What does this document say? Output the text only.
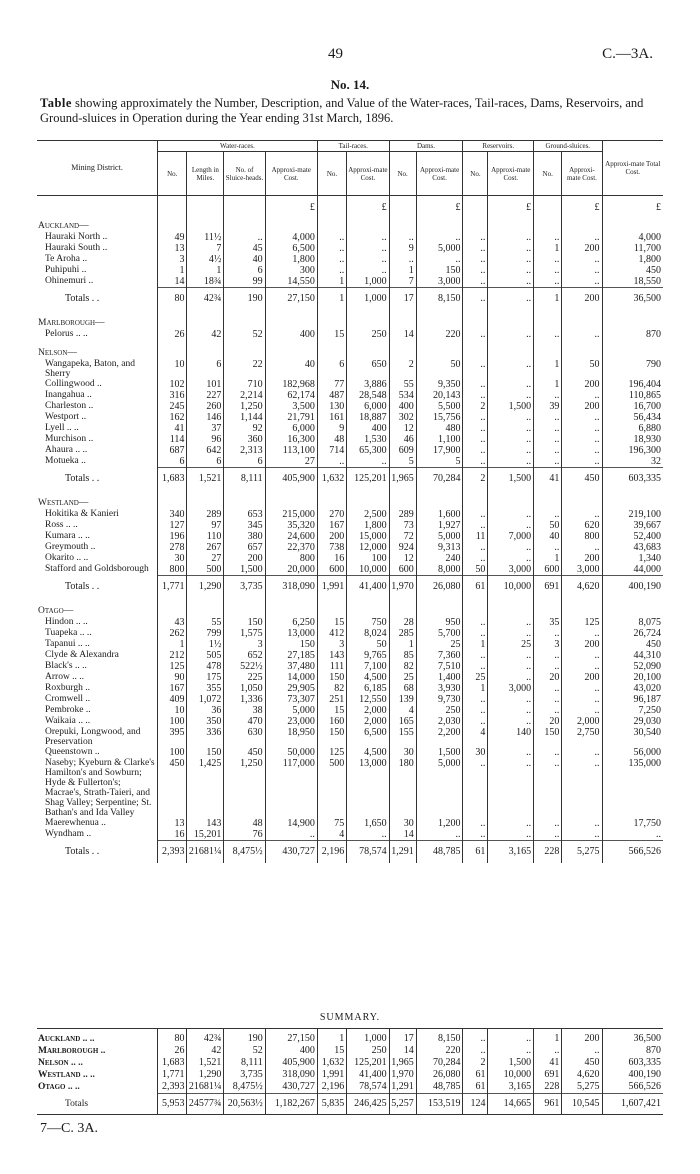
49	C.—3A.
No. 14.
Table showing approximately the Number, Description, and Value of the Water-races, Tail-races, Dams, Reservoirs, and Ground-sluices in Operation during the Year ending 31st March, 1896.
Mining District.	Water-races.				Tail-races.		Dams.		Reservoirs.		Ground-sluices.		Approxi-mate Total Cost.
	No.	Length in Miles.	No. of Sluice-heads.	Approxi-mate Cost.	No.	Approxi-mate Cost.	No.	Approxi-mate Cost.	No.	Approxi-mate Cost.	No.	Approxi-mate Cost.	
				£		£		£		£		£	£
Auckland—													
Hauraki North ..	49	11½	..	4,000	..	..	..	..	..	..	..	..	4,000
Hauraki South ..	13	7	45	6,500	..	..	9	5,000	..	..	1	200	11,700
Te Aroha ..	3	4½	40	1,800	..	..	..	..	..	..	..	..	1,800
Puhipuhi ..	1	1	6	300	..	..	1	150	..	..	..	..	450
Ohinemuri ..	14	18¾	99	14,550	1	1,000	7	3,000	..	..	..	..	18,550
Totals . .	80	42¾	190	27,150	1	1,000	17	8,150	..	..	1	200	36,500
Marlborough—													
Pelorus .. ..	26	42	52	400	15	250	14	220	..	..	..	..	870
Nelson—													
Wangapeka, Baton, and Sherry	10	6	22	40	6	650	2	50	..	..	1	50	790
Collingwood ..	102	101	710	182,968	77	3,886	55	9,350	..	..	1	200	196,404
Inangahua ..	316	227	2,214	62,174	487	28,548	534	20,143	..	..	..	..	110,865
Charleston ..	245	260	1,250	3,500	130	6,000	400	5,500	2	1,500	39	200	16,700
Westport ..	162	146	1,144	21,791	161	18,887	302	15,756	..	..	..	..	56,434
Lyell .. ..	41	37	92	6,000	9	400	12	480	..	..	..	..	6,880
Murchison ..	114	96	360	16,300	48	1,530	46	1,100	..	..	..	..	18,930
Ahaura .. ..	687	642	2,313	113,100	714	65,300	609	17,900	..	..	..	..	196,300
Motueka ..	6	6	6	27	..	..	5	5	..	..	..	..	32
Totals . .	1,683	1,521	8,111	405,900	1,632	125,201	1,965	70,284	2	1,500	41	450	603,335
Westland—													
Hokitika & Kanieri	340	289	653	215,000	270	2,500	289	1,600	..	..	..	..	219,100
Ross .. ..	127	97	345	35,320	167	1,800	73	1,927	..	..	50	620	39,667
Kumara .. ..	196	110	380	24,600	200	15,000	72	5,000	11	7,000	40	800	52,400
Greymouth ..	278	267	657	22,370	738	12,000	924	9,313	..	..	..	..	43,683
Okarito .. ..	30	27	200	800	16	100	12	240	..	..	1	200	1,340
Stafford and Goldsborough	800	500	1,500	20,000	600	10,000	600	8,000	50	3,000	600	3,000	44,000
Totals . .	1,771	1,290	3,735	318,090	1,991	41,400	1,970	26,080	61	10,000	691	4,620	400,190
Otago—													
Hindon .. ..	43	55	150	6,250	15	750	28	950	..	..	35	125	8,075
Tuapeka .. ..	262	799	1,575	13,000	412	8,024	285	5,700	..	..	..	..	26,724
Tapanui .. ..	1	1½	3	150	3	50	1	25	1	25	3	200	450
Clyde & Alexandra	212	505	652	27,185	143	9,765	85	7,360	..	..	..	..	44,310
Black's .. ..	125	478	522½	37,480	111	7,100	82	7,510	..	..	..	..	52,090
Arrow .. ..	90	175	225	14,000	150	4,500	25	1,400	25	..	20	200	20,100
Roxburgh ..	167	355	1,050	29,905	82	6,185	68	3,930	1	3,000	..	..	43,020
Cromwell ..	409	1,072	1,336	73,307	251	12,550	139	9,730	..	..	..	..	96,187
Pembroke ..	10	36	38	5,000	15	2,000	4	250	..	..	..	..	7,250
Waikaia .. ..	100	350	470	23,000	160	2,000	165	2,030	..	..	20	2,000	29,030
Orepuki, Longwood, and Preservation	395	336	630	18,950	150	6,500	155	2,200	4	140	150	2,750	30,540
Queenstown ..	100	150	450	50,000	125	4,500	30	1,500	30	..	..	..	56,000
Naseby; Kyeburn & Clarke's Hamilton's and Sowburn; Hyde & Fullerton's; Macrae's, Strath-Taieri, and Shag Valley; Serpentine; St. Bathan's and Ida Valley	450	1,425	1,250	117,000	500	13,000	180	5,000	..	..	..	..	135,000
Maerewhenua ..	13	143	48	14,900	75	1,650	30	1,200	..	..	..	..	17,750
Wyndham ..	16	15,201	76	..	4	..	14	..	..	..	..	..	..
Totals . .	2,393	21681¼	8,475½	430,727	2,196	78,574	1,291	48,785	61	3,165	228	5,275	566,526
SUMMARY.
Auckland .. ..	80	42¾	190	27,150	1	1,000	17	8,150	..	..	1	200	36,500
Marlborough ..	26	42	52	400	15	250	14	220	..	..	..	..	870
Nelson .. ..	1,683	1,521	8,111	405,900	1,632	125,201	1,965	70,284	2	1,500	41	450	603,335
Westland .. ..	1,771	1,290	3,735	318,090	1,991	41,400	1,970	26,080	61	10,000	691	4,620	400,190
Otago .. ..	2,393	21681¼	8,475½	430,727	2,196	78,574	1,291	48,785	61	3,165	228	5,275	566,526
Totals	5,953	24577¾	20,563½	1,182,267	5,835	246,425	5,257	153,519	124	14,665	961	10,545	1,607,421
7—C. 3A.
